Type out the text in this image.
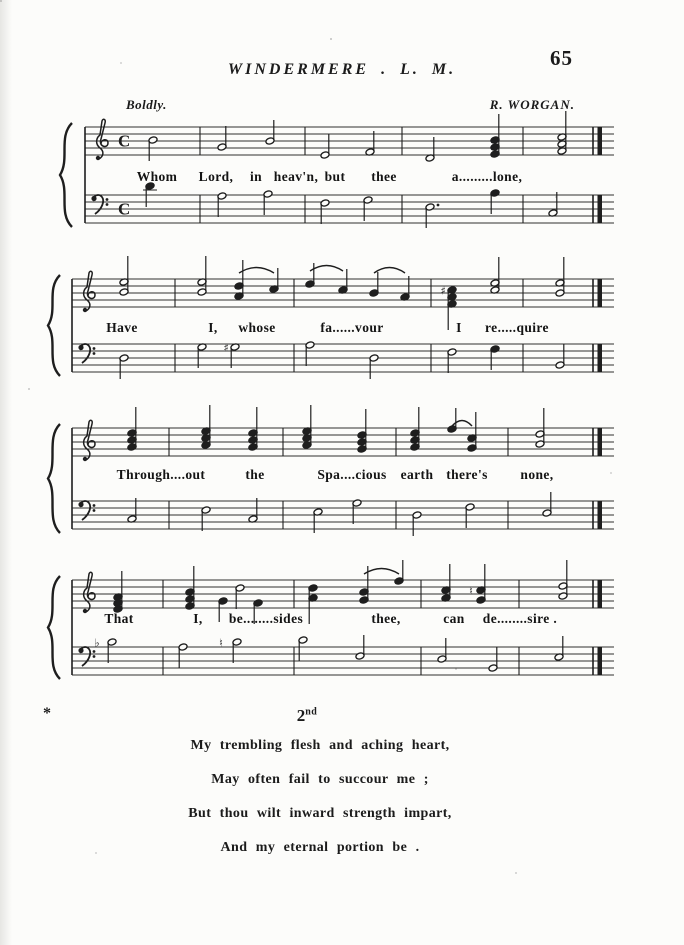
65
WINDERMERE . L. M.
Boldly.	R. WORGAN.
C
C
Whom Lord, in heav'n, but thee	a.........lone,
♯
♯
Have	I, whose	fa......vour	I re.....quire
Through....out	the	Spa....cious earth there's none,
♮
♭	♮
That	I, be........sides	thee,	can de........sire .
*	2nd
My trembling flesh and aching heart,
May often fail to succour me ;
But thou wilt inward strength impart,
And my eternal portion be .
